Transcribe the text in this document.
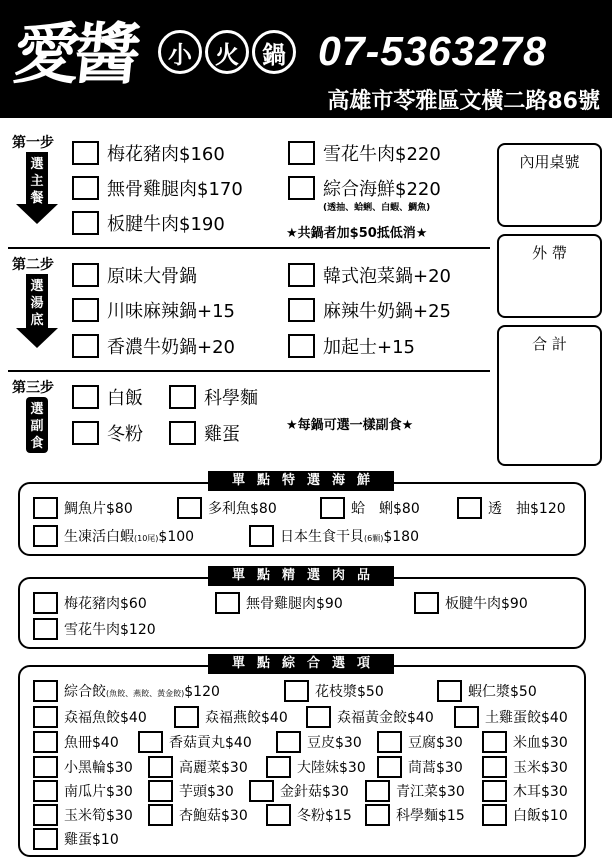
愛醬	小 火 鍋 07-5363278
高雄市苓雅區文橫二路86號
第一步
選
主
餐
梅花豬肉$160	雪花牛肉$220
無骨雞腿肉$170	綜合海鮮$220
(透抽、蛤蜊、白蝦、鯛魚)
板腱牛肉$190	★共鍋者加$50抵低消★
第二步
選
湯
底
原味大骨鍋	韓式泡菜鍋+20
川味麻辣鍋+15	麻辣牛奶鍋+25
香濃牛奶鍋+20	加起士+15
第三步
選
副
食
白飯	科學麵
冬粉	雞蛋	★每鍋可選一樣副食★
內用桌號
外 帶
合 計
單點特選海鮮
鯛魚片$80	多利魚$80	蛤　蜊$80	透　抽$120
生凍活白蝦(10尾)$100	日本生食干貝(6顆)$180
單點精選肉品
梅花豬肉$60	無骨雞腿肉$90	板腱牛肉$90
雪花牛肉$120
單點綜合選項
綜合餃(魚餃、燕餃、黃金餃)$120	花枝漿$50	蝦仁漿$50
𡘙福魚餃$40	𡘙福燕餃$40	𡘙福黃金餃$40	土雞蛋餃$40
魚冊$40	香菇貢丸$40	豆皮$30	豆腐$30	米血$30
小黑輪$30	高麗菜$30	大陸妹$30	茼蒿$30	玉米$30
南瓜片$30	芋頭$30	金針菇$30	青江菜$30	木耳$30
玉米筍$30	杏鮑菇$30	冬粉$15	科學麵$15	白飯$10
雞蛋$10
